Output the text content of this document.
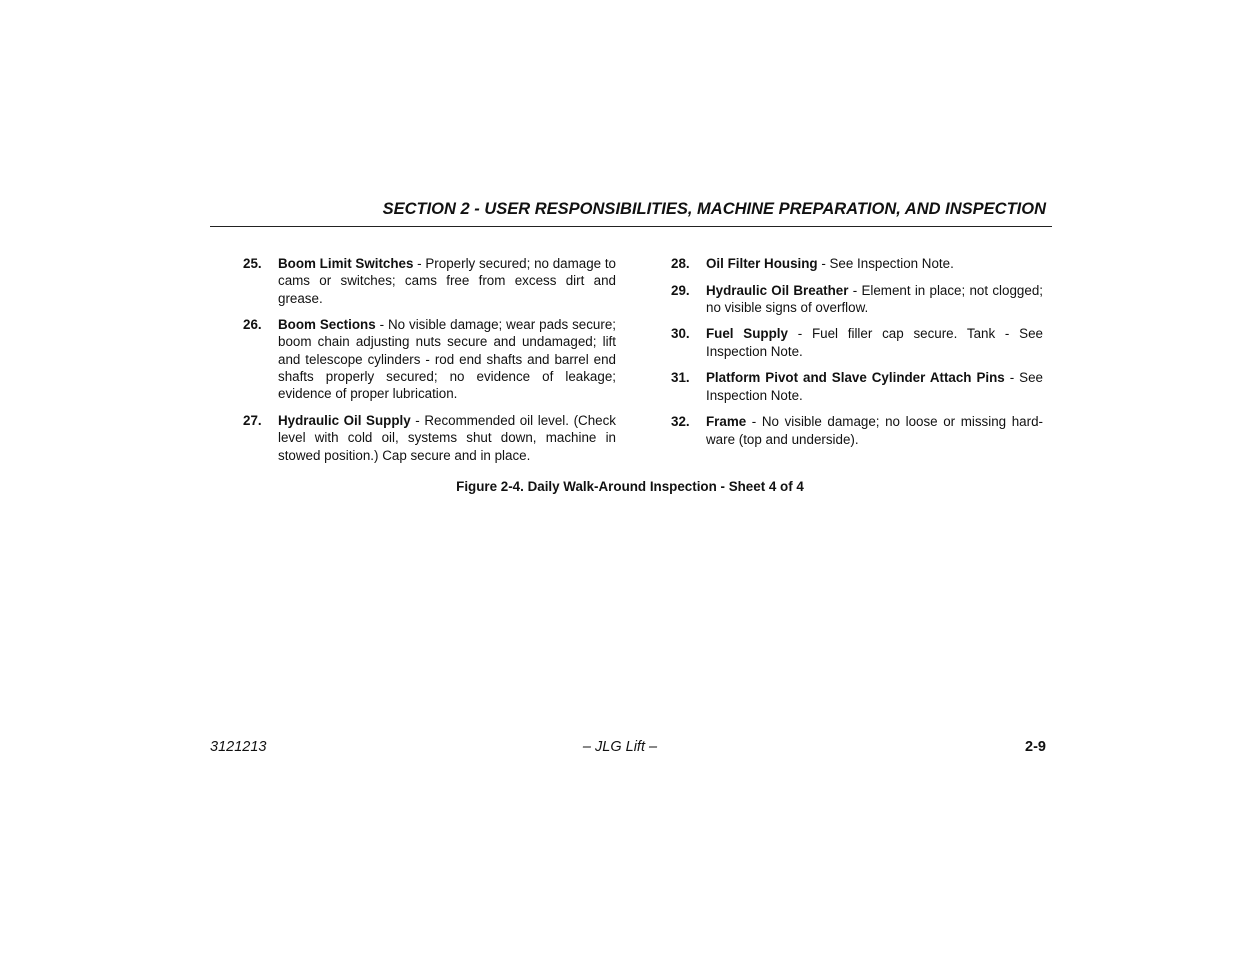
SECTION 2 - USER RESPONSIBILITIES, MACHINE PREPARATION, AND INSPECTION
25.	Boom Limit Switches - Properly secured; no damage to cams or switches; cams free from excess dirt and grease.
26.	Boom Sections - No visible damage; wear pads secure; boom chain adjusting nuts secure and undamaged; lift and telescope cylinders - rod end shafts and barrel end shafts properly secured; no evidence of leakage; evidence of proper lubrication.
27.	Hydraulic Oil Supply - Recommended oil level. (Check level with cold oil, systems shut down, machine in stowed position.) Cap secure and in place.
28.	Oil Filter Housing - See Inspection Note.
29.	Hydraulic Oil Breather - Element in place; not clogged; no visible signs of overflow.
30.	Fuel Supply - Fuel filler cap secure. Tank - See Inspection Note.
31.	Platform Pivot and Slave Cylinder Attach Pins - See Inspection Note.
32.	Frame - No visible damage; no loose or missing hardware (top and underside).
Figure 2-4. Daily Walk-Around Inspection - Sheet 4 of 4
3121213	– JLG Lift –	2-9
